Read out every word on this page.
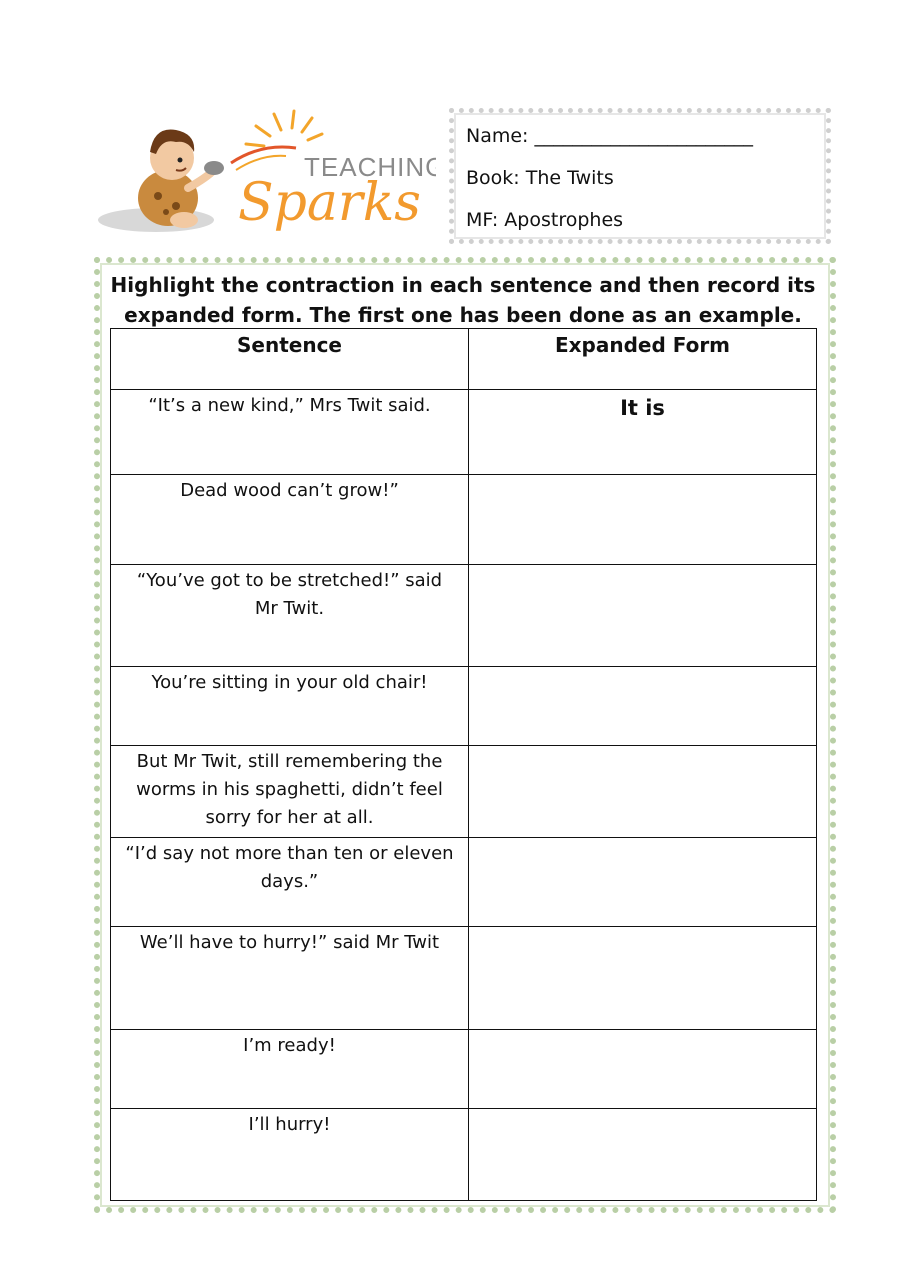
TEACHING
Sparks
Name: _______________________
Book: The Twits
MF: Apostrophes
Highlight the contraction in each sentence and then record its expanded form. The first one has been done as an example.
Sentence	Expanded Form
“It’s a new kind,” Mrs Twit said.	It is
Dead wood can’t grow!”	
“You’ve got to be stretched!” said Mr Twit.	
You’re sitting in your old chair!	
But Mr Twit, still remembering the worms in his spaghetti, didn’t feel sorry for her at all.	
“I’d say not more than ten or eleven days.”	
We’ll have to hurry!” said Mr Twit	
I’m ready!	
I’ll hurry!	
